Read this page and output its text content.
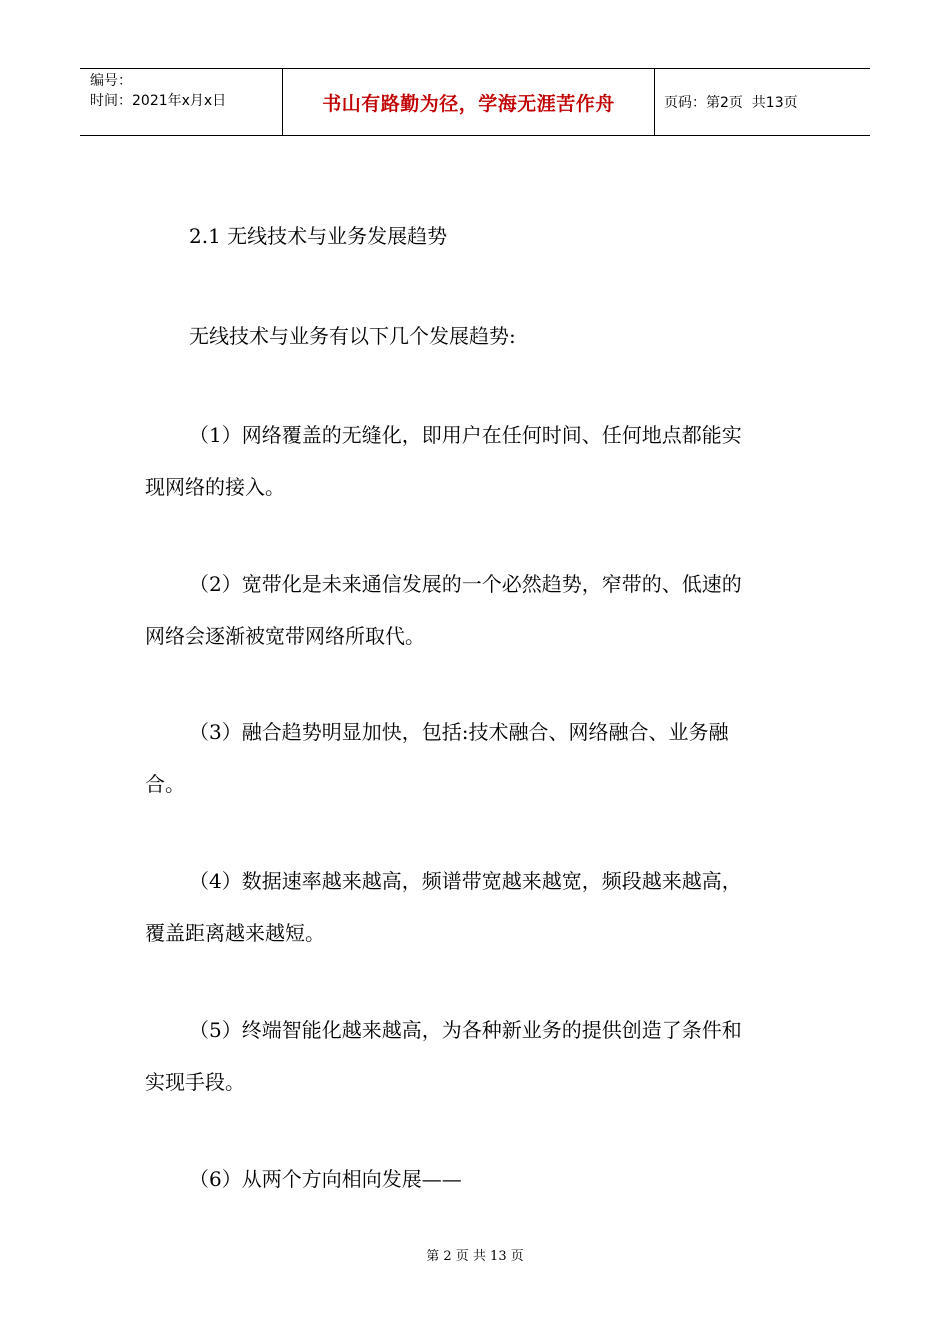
编号：
时间：2021年x月x日	书山有路勤为径，学海无涯苦作舟	页码：第2页  共13页
2.1 无线技术与业务发展趋势
无线技术与业务有以下几个发展趋势:
（1）网络覆盖的无缝化，即用户在任何时间、任何地点都能实
现网络的接入。
（2）宽带化是未来通信发展的一个必然趋势，窄带的、低速的
网络会逐渐被宽带网络所取代。
（3）融合趋势明显加快，包括:技术融合、网络融合、业务融
合。
（4）数据速率越来越高，频谱带宽越来越宽，频段越来越高，
覆盖距离越来越短。
（5）终端智能化越来越高，为各种新业务的提供创造了条件和
实现手段。
（6）从两个方向相向发展——
第 2 页 共 13 页
